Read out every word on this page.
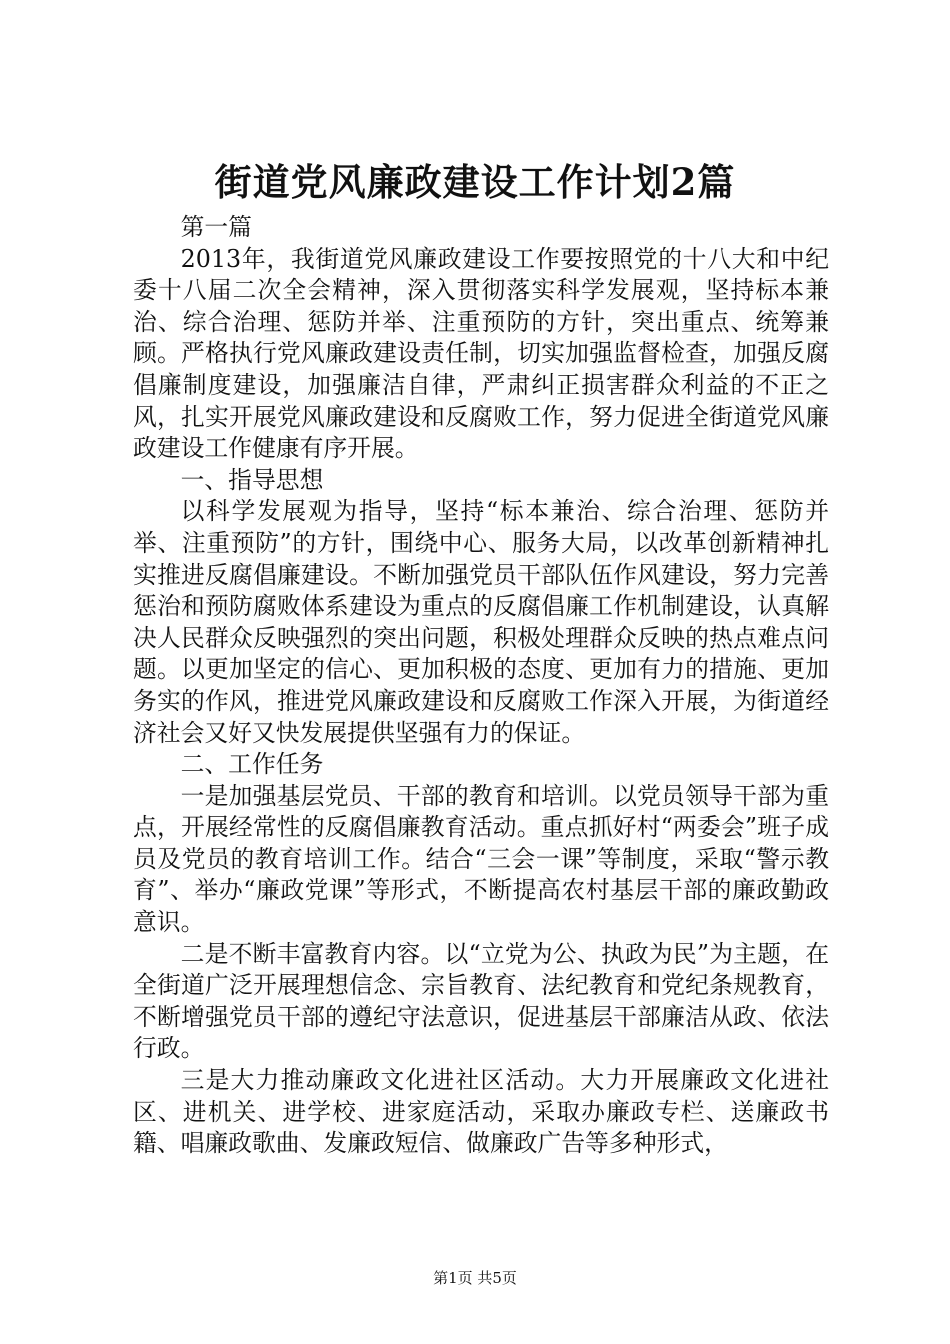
街道党风廉政建设工作计划2篇

第一篇

2013年，我街道党风廉政建设工作要按照党的十八大和中纪委十八届二次全会精神，深入贯彻落实科学发展观，坚持标本兼治、综合治理、惩防并举、注重预防的方针，突出重点、统筹兼顾。严格执行党风廉政建设责任制，切实加强监督检查，加强反腐倡廉制度建设，加强廉洁自律，严肃纠正损害群众利益的不正之风，扎实开展党风廉政建设和反腐败工作，努力促进全街道党风廉政建设工作健康有序开展。

一、指导思想

以科学发展观为指导，坚持“标本兼治、综合治理、惩防并举、注重预防”的方针，围绕中心、服务大局，以改革创新精神扎实推进反腐倡廉建设。不断加强党员干部队伍作风建设，努力完善惩治和预防腐败体系建设为重点的反腐倡廉工作机制建设，认真解决人民群众反映强烈的突出问题，积极处理群众反映的热点难点问题。以更加坚定的信心、更加积极的态度、更加有力的措施、更加务实的作风，推进党风廉政建设和反腐败工作深入开展，为街道经济社会又好又快发展提供坚强有力的保证。

二、工作任务

一是加强基层党员、干部的教育和培训。以党员领导干部为重点，开展经常性的反腐倡廉教育活动。重点抓好村“两委会”班子成员及党员的教育培训工作。结合“三会一课”等制度，采取“警示教育”、举办“廉政党课”等形式，不断提高农村基层干部的廉政勤政意识。

二是不断丰富教育内容。以“立党为公、执政为民”为主题，在全街道广泛开展理想信念、宗旨教育、法纪教育和党纪条规教育，不断增强党员干部的遵纪守法意识，促进基层干部廉洁从政、依法行政。

三是大力推动廉政文化进社区活动。大力开展廉政文化进社区、进机关、进学校、进家庭活动，采取办廉政专栏、送廉政书籍、唱廉政歌曲、发廉政短信、做廉政广告等多种形式，

第1页 共5页
